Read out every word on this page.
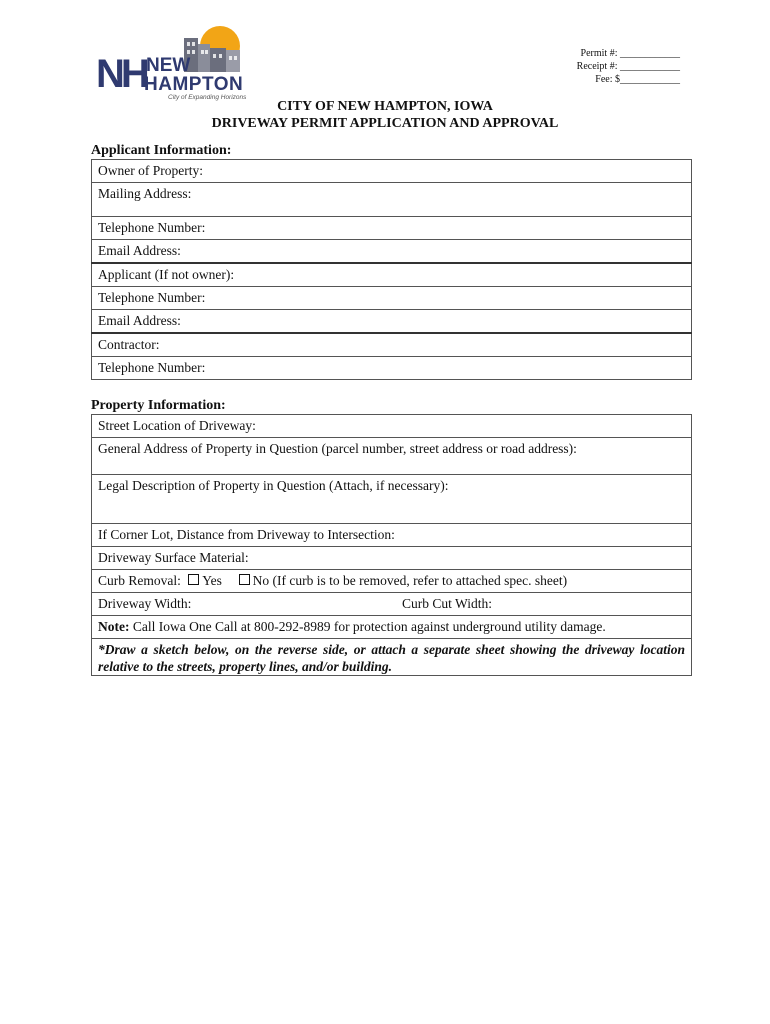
NH NEW
HAMPTON
City of Expanding Horizons
Permit #: ____________
Receipt #: ____________
Fee: $____________
CITY OF NEW HAMPTON, IOWA
DRIVEWAY PERMIT APPLICATION AND APPROVAL
Applicant Information:
Owner of Property:
Mailing Address:
Telephone Number:
Email Address:
Applicant (If not owner):
Telephone Number:
Email Address:
Contractor:
Telephone Number:
Property Information:
Street Location of Driveway:
General Address of Property in Question (parcel number, street address or road address):
Legal Description of Property in Question (Attach, if necessary):
If Corner Lot, Distance from Driveway to Intersection:
Driveway Surface Material:
Curb Removal: Yes No (If curb is to be removed, refer to attached spec. sheet)
Driveway Width:	Curb Cut Width:

Note: Call Iowa One Call at 800-292-8989 for protection against underground utility damage.
*Draw a sketch below, on the reverse side, or attach a separate sheet showing the driveway location relative to the streets, property lines, and/or building.
